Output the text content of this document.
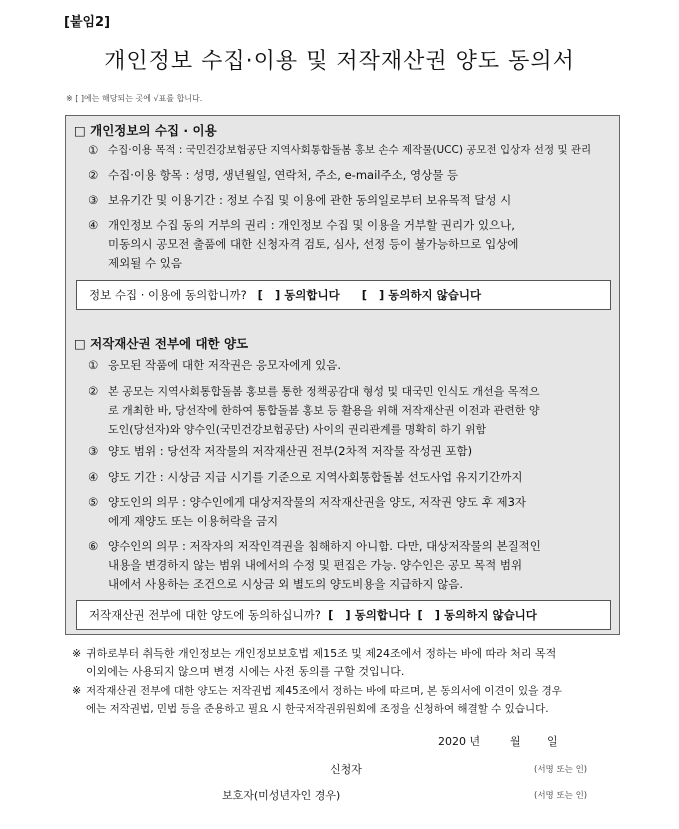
[붙임2]
개인정보 수집·이용 및 저작재산권 양도 동의서
※ [ ]에는 해당되는 곳에 √표를 합니다.
□ 개인정보의 수집 · 이용
① 수집·이용 목적 : 국민건강보험공단 지역사회통합돌봄 홍보 손수 제작물(UCC) 공모전 입상자 선정 및 관리
② 수집·이용 항목 : 성명, 생년월일, 연락처, 주소, e-mail주소, 영상물 등
③ 보유기간 및 이용기간 : 정보 수집 및 이용에 관한 동의일로부터 보유목적 달성 시
④ 개인정보 수집 동의 거부의 권리 : 개인정보 수집 및 이용을 거부할 권리가 있으나,
미동의시 공모전 출품에 대한 신청자격 검토, 심사, 선정 등이 불가능하므로 입상에
제외될 수 있음
정보 수집 · 이용에 동의합니까?
[   ] 동의합니다
[   ] 동의하지 않습니다
□ 저작재산권 전부에 대한 양도
① 응모된 작품에 대한 저작권은 응모자에게 있음.
② 본 공모는 지역사회통합돌봄 홍보를 통한 정책공감대 형성 및 대국민 인식도 개선을 목적으
로 개최한 바, 당선작에 한하여 통합돌봄 홍보 등 활용을 위해 저작재산권 이전과 관련한 양
도인(당선자)와 양수인(국민건강보험공단) 사이의 권리관계를 명확히 하기 위함
③ 양도 범위 : 당선작 저작물의 저작재산권 전부(2차적 저작물 작성권 포함)
④ 양도 기간 : 시상금 지급 시기를 기준으로 지역사회통합돌봄 선도사업 유지기간까지
⑤ 양도인의 의무 : 양수인에게 대상저작물의 저작재산권을 양도, 저작권 양도 후 제3자
에게 재양도 또는 이용허락을 금지
⑥ 양수인의 의무 : 저작자의 저작인격권을 침해하지 아니함. 다만, 대상저작물의 본질적인
내용을 변경하지 않는 범위 내에서의 수정 및 편집은 가능. 양수인은 공모 목적 범위
내에서 사용하는 조건으로 시상금 외 별도의 양도비용을 지급하지 않음.
저작재산권 전부에 대한 양도에 동의하십니까?
[   ] 동의합니다
[   ] 동의하지 않습니다
※ 귀하로부터 취득한 개인정보는 개인정보보호법 제15조 및 제24조에서 정하는 바에 따라 처리 목적
이외에는 사용되지 않으며 변경 시에는 사전 동의를 구할 것입니다.
※ 저작재산권 전부에 대한 양도는 저작권법 제45조에서 정하는 바에 따르며, 본 동의서에 이견이 있을 경우
에는 저작권법, 민법 등을 준용하고 필요 시 한국저작권위원회에 조정을 신청하여 해결할 수 있습니다.
2020 년	월 일
신청자	(서명 또는 인)
보호자(미성년자인 경우)	(서명 또는 인)
